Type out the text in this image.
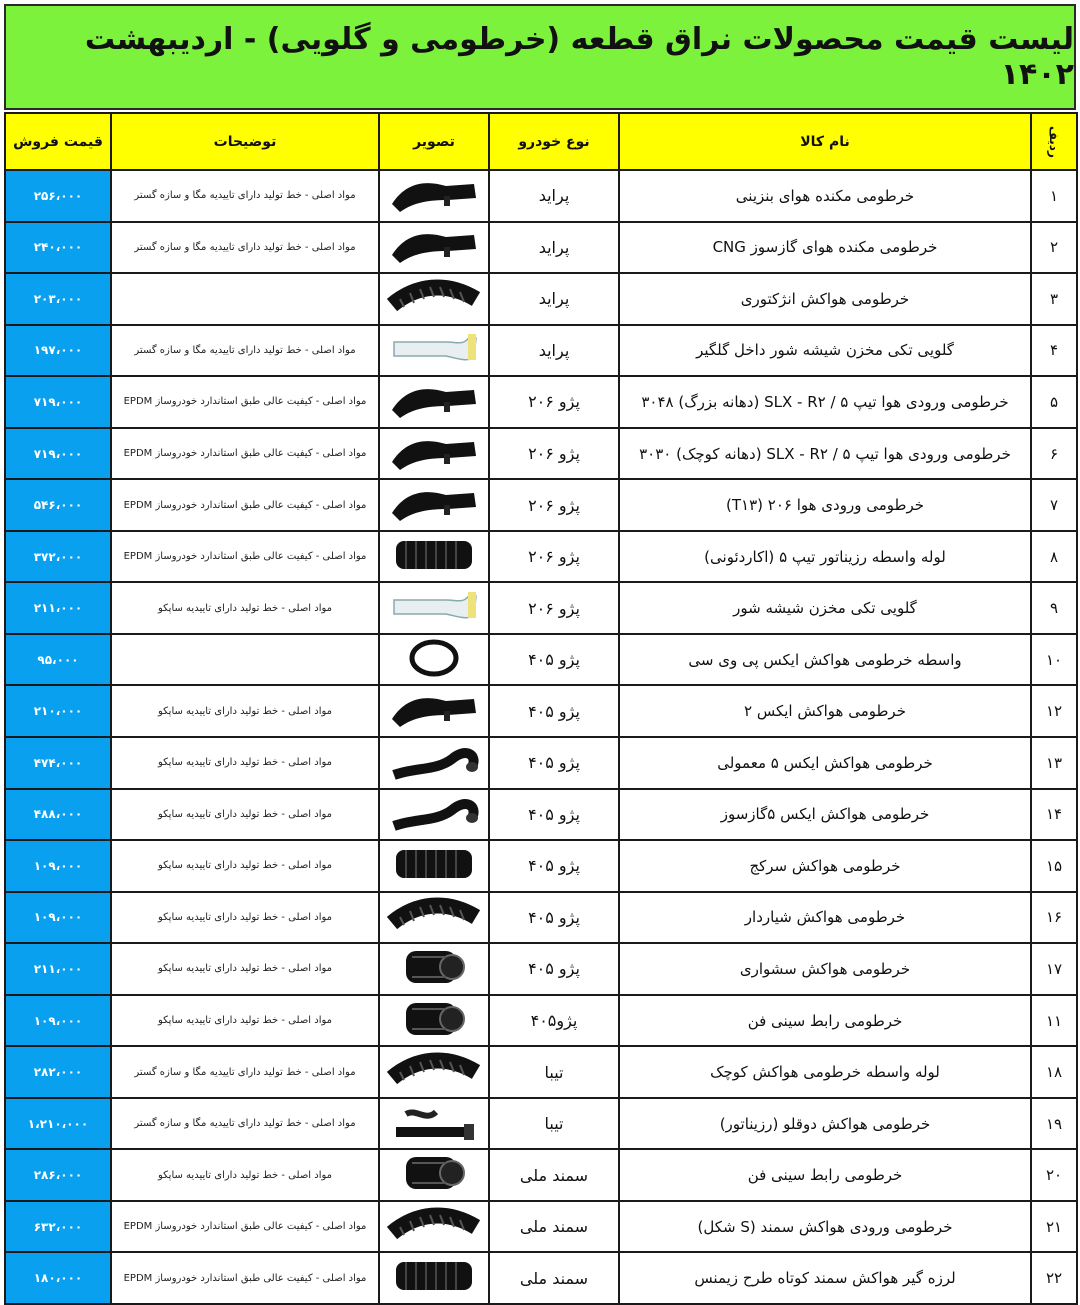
لیست قیمت محصولات نراق قطعه (خرطومی و گلویی) - اردیبهشت ۱۴۰۲
ردیف	نام کالا	نوع خودرو	تصویر	توضیحات	قیمت فروش
۱	خرطومی مکنده هوای بنزینی	پراید		مواد اصلی - خط تولید دارای تاییدیه مگا و سازه گستر	۲۵۶،۰۰۰
۲	خرطومی مکنده هوای گازسوز CNG	پراید		مواد اصلی - خط تولید دارای تاییدیه مگا و سازه گستر	۲۴۰،۰۰۰
۳	خرطومی هواکش انژکتوری	پراید			۲۰۳،۰۰۰
۴	گلویی تکی مخزن شیشه شور داخل گلگیر	پراید		مواد اصلی - خط تولید دارای تاییدیه مگا و سازه گستر	۱۹۷،۰۰۰
۵	خرطومی ورودی هوا تیپ ۵ / SLX - R۲ (دهانه بزرگ) ۳۰۴۸	پژو ۲۰۶		مواد اصلی - کیفیت عالی طبق استاندارد خودروساز EPDM	۷۱۹،۰۰۰
۶	خرطومی ورودی هوا تیپ ۵ / SLX - R۲ (دهانه کوچک) ۳۰۳۰	پژو ۲۰۶		مواد اصلی - کیفیت عالی طبق استاندارد خودروساز EPDM	۷۱۹،۰۰۰
۷	خرطومی ورودی هوا ۲۰۶ (T۱۳)	پژو ۲۰۶		مواد اصلی - کیفیت عالی طبق استاندارد خودروساز EPDM	۵۴۶،۰۰۰
۸	لوله واسطه رزیناتور تیپ ۵ (اکاردئونی)	پژو ۲۰۶		مواد اصلی - کیفیت عالی طبق استاندارد خودروساز EPDM	۳۷۲،۰۰۰
۹	گلویی تکی مخزن شیشه شور	پژو ۲۰۶		مواد اصلی - خط تولید دارای تاییدیه ساپکو	۲۱۱،۰۰۰
۱۰	واسطه خرطومی هواکش ایکس پی وی سی	پژو ۴۰۵			۹۵،۰۰۰
۱۲	خرطومی هواکش ایکس ۲	پژو ۴۰۵		مواد اصلی - خط تولید دارای تاییدیه ساپکو	۲۱۰،۰۰۰
۱۳	خرطومی هواکش ایکس ۵ معمولی	پژو ۴۰۵		مواد اصلی - خط تولید دارای تاییدیه ساپکو	۴۷۴،۰۰۰
۱۴	خرطومی هواکش ایکس ۵گازسوز	پژو ۴۰۵		مواد اصلی - خط تولید دارای تاییدیه ساپکو	۴۸۸،۰۰۰
۱۵	خرطومی هواکش سرکج	پژو ۴۰۵		مواد اصلی - خط تولید دارای تاییدیه ساپکو	۱۰۹،۰۰۰
۱۶	خرطومی هواکش شیاردار	پژو ۴۰۵		مواد اصلی - خط تولید دارای تاییدیه ساپکو	۱۰۹،۰۰۰
۱۷	خرطومی هواکش سشواری	پژو ۴۰۵		مواد اصلی - خط تولید دارای تاییدیه ساپکو	۲۱۱،۰۰۰
۱۱	خرطومی رابط سینی فن	پژو۴۰۵		مواد اصلی - خط تولید دارای تاییدیه ساپکو	۱۰۹،۰۰۰
۱۸	لوله واسطه خرطومی هواکش کوچک	تیبا		مواد اصلی - خط تولید دارای تاییدیه مگا و سازه گستر	۲۸۲،۰۰۰
۱۹	خرطومی هواکش دوقلو (رزیناتور)	تیبا		مواد اصلی - خط تولید دارای تاییدیه مگا و سازه گستر	۱،۲۱۰،۰۰۰
۲۰	خرطومی رابط سینی فن	سمند ملی		مواد اصلی - خط تولید دارای تاییدیه ساپکو	۲۸۶،۰۰۰
۲۱	خرطومی ورودی هواکش سمند (S شکل)	سمند ملی		مواد اصلی - کیفیت عالی طبق استاندارد خودروساز EPDM	۶۳۲،۰۰۰
۲۲	لرزه گیر هواکش سمند کوتاه طرح زیمنس	سمند ملی		مواد اصلی - کیفیت عالی طبق استاندارد خودروساز EPDM	۱۸۰،۰۰۰
